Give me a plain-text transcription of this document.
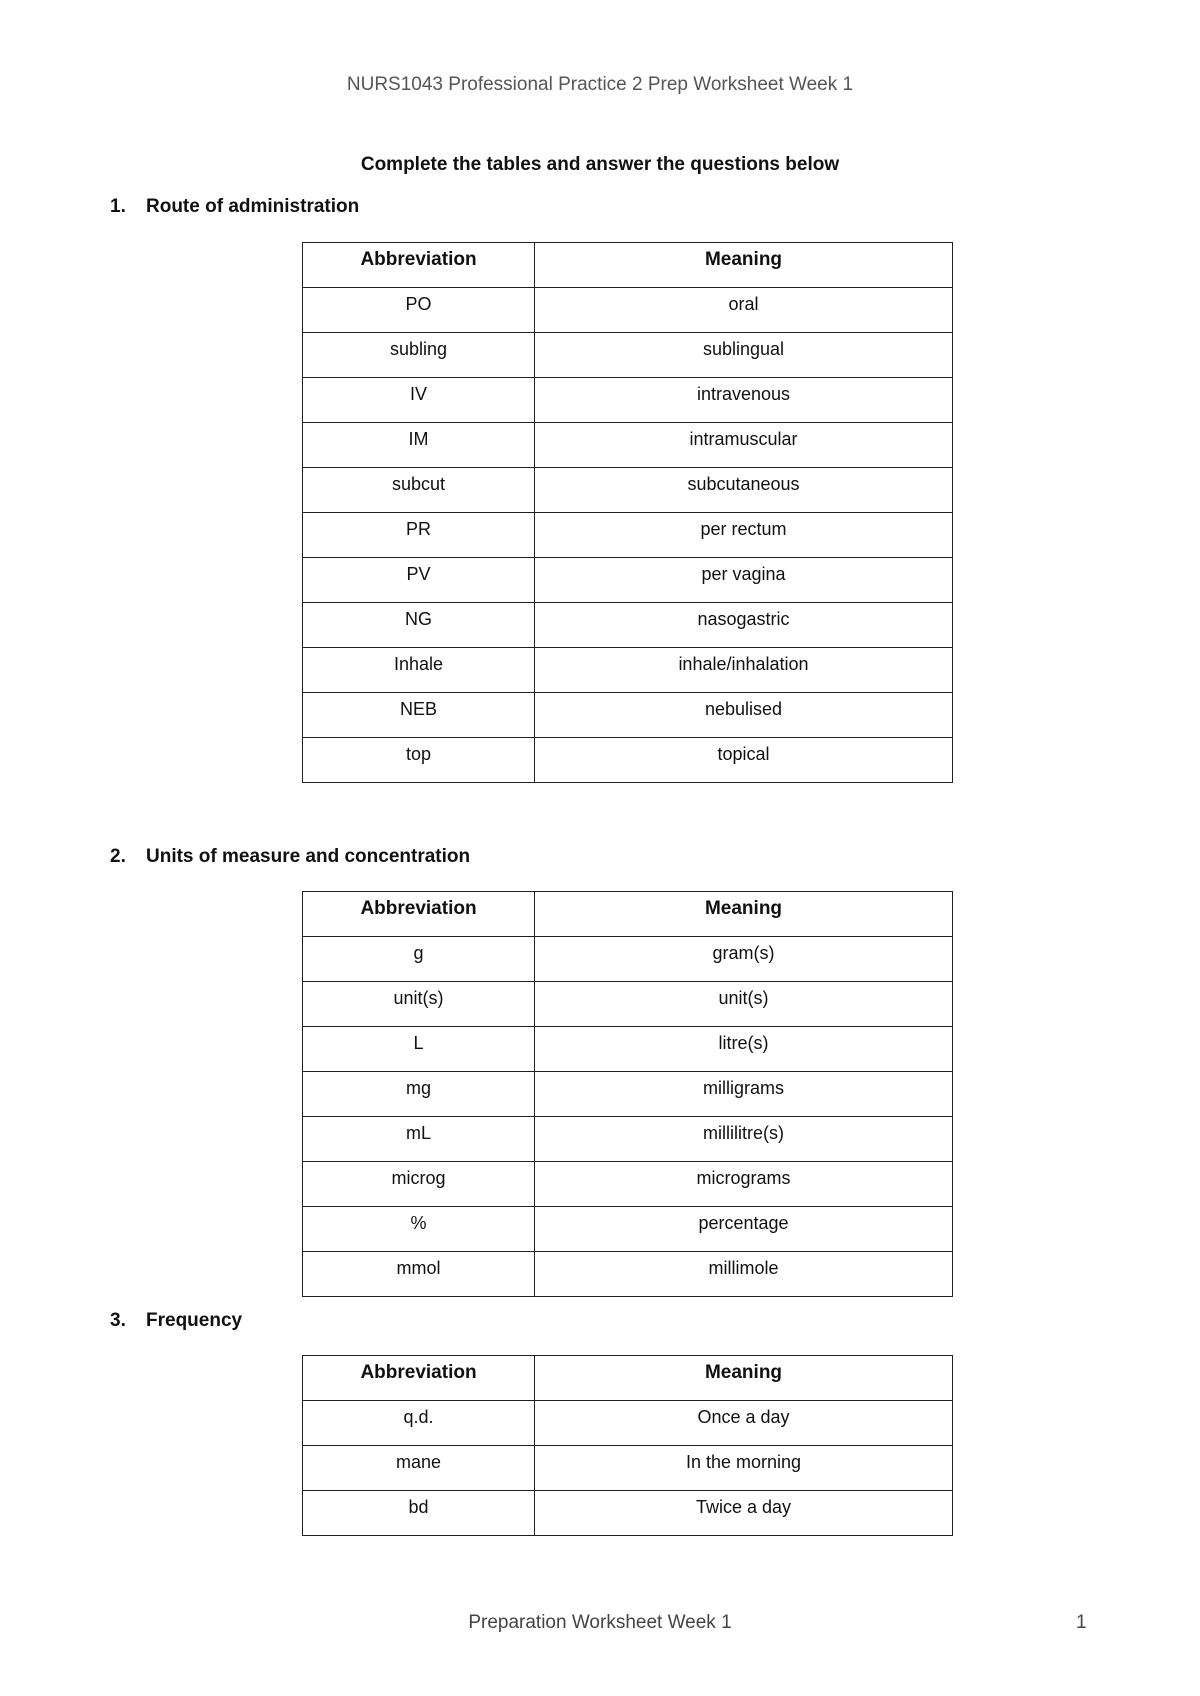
NURS1043 Professional Practice 2 Prep Worksheet Week 1
Complete the tables and answer the questions below
1.	Route of administration
Abbreviation	Meaning
PO	oral
subling	sublingual
IV	intravenous
IM	intramuscular
subcut	subcutaneous
PR	per rectum
PV	per vagina
NG	nasogastric
Inhale	inhale/inhalation
NEB	nebulised
top	topical
2.	Units of measure and concentration
Abbreviation	Meaning
g	gram(s)
unit(s)	unit(s)
L	litre(s)
mg	milligrams
mL	millilitre(s)
microg	micrograms
%	percentage
mmol	millimole
3.	Frequency
Abbreviation	Meaning
q.d.	Once a day
mane	In the morning
bd	Twice a day
Preparation Worksheet Week 1	1
